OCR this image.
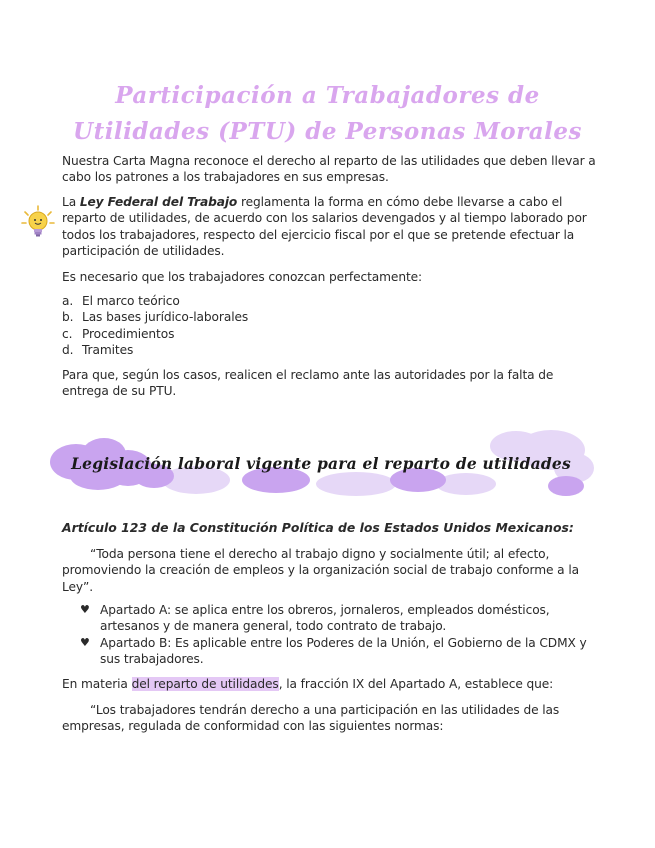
Participación a Trabajadores de
Utilidades (PTU) de Personas Morales
Nuestra Carta Magna reconoce el derecho al reparto de las utilidades que deben llevar a cabo los patrones a los trabajadores en sus empresas.
La Ley Federal del Trabajo reglamenta la forma en cómo debe llevarse a cabo el reparto de utilidades, de acuerdo con los salarios devengados y al tiempo laborado por todos los trabajadores, respecto del ejercicio fiscal por el que se pretende efectuar la participación de utilidades.
Es necesario que los trabajadores conozcan perfectamente:
a. El marco teórico
b. Las bases jurídico-laborales
c. Procedimientos
d. Tramites
Para que, según los casos, realicen el reclamo ante las autoridades por la falta de entrega de su PTU.
Legislación laboral vigente para el reparto de utilidades
Artículo 123 de la Constitución Política de los Estados Unidos Mexicanos:
“Toda persona tiene el derecho al trabajo digno y socialmente útil; al efecto, promoviendo la creación de empleos y la organización social de trabajo conforme a la Ley”.
♥ Apartado A: se aplica entre los obreros, jornaleros, empleados domésticos, artesanos y de manera general, todo contrato de trabajo.
♥ Apartado B: Es aplicable entre los Poderes de la Unión, el Gobierno de la CDMX y sus trabajadores.
En materia del reparto de utilidades, la fracción IX del Apartado A, establece que:
“Los trabajadores tendrán derecho a una participación en las utilidades de las empresas, regulada de conformidad con las siguientes normas:
